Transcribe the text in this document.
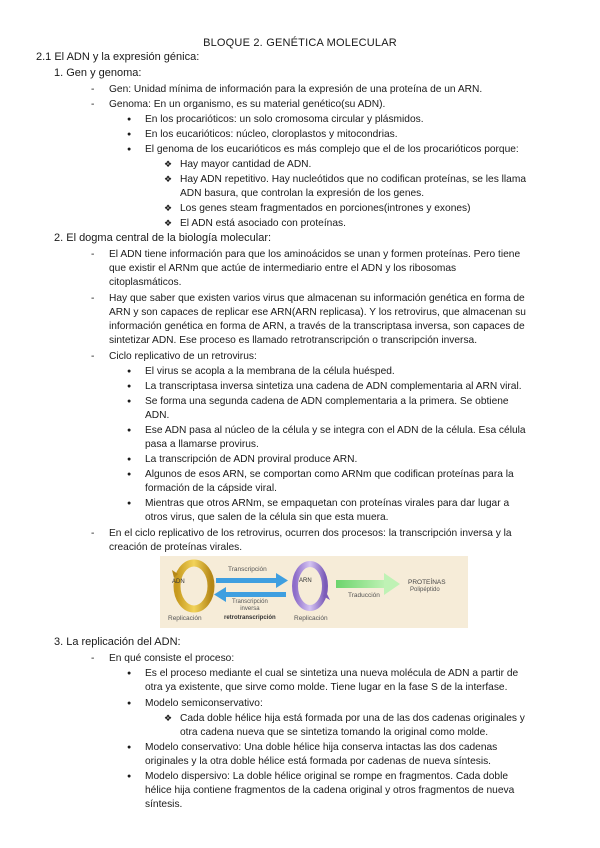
BLOQUE 2. GENÉTICA MOLECULAR
2.1 El ADN y la expresión génica:
1. Gen y genoma:
- Gen: Unidad mínima de información para la expresión de una proteína de un ARN.
- Genoma: En un organismo, es su material genético(su ADN).
● En los procarióticos: un solo cromosoma circular y plásmidos.
● En los eucarióticos: núcleo, cloroplastos y mitocondrias.
● El genoma de los eucarióticos es más complejo que el de los procarióticos porque:
❖ Hay mayor cantidad de ADN.
❖ Hay ADN repetitivo. Hay nucleótidos que no codifican proteínas, se les llama
ADN basura, que controlan la expresión de los genes.
❖ Los genes steam fragmentados en porciones(intrones y exones)
❖ El ADN está asociado con proteínas.
2. El dogma central de la biología molecular:
- El ADN tiene información para que los aminoácidos se unan y formen proteínas. Pero tiene
que existir el ARNm que actúe de intermediario entre el ADN y los ribosomas
citoplasmáticos.
- Hay que saber que existen varios virus que almacenan su información genética en forma de
ARN y son capaces de replicar ese ARN(ARN replicasa). Y los retrovirus, que almacenan su
información genética en forma de ARN, a través de la transcriptasa inversa, son capaces de
sintetizar ADN. Ese proceso es llamado retrotranscripción o transcripción inversa.
- Ciclo replicativo de un retrovirus:
● El virus se acopla a la membrana de la célula huésped.
● La transcriptasa inversa sintetiza una cadena de ADN complementaria al ARN viral.
● Se forma una segunda cadena de ADN complementaria a la primera. Se obtiene
ADN.
● Ese ADN pasa al núcleo de la célula y se integra con el ADN de la célula. Esa célula
pasa a llamarse provirus.
● La transcripción de ADN proviral produce ARN.
● Algunos de esos ARN, se comportan como ARNm que codifican proteínas para la
formación de la cápside viral.
● Mientras que otros ARNm, se empaquetan con proteínas virales para dar lugar a
otros virus, que salen de la célula sin que esta muera.
- En el ciclo replicativo de los retrovirus, ocurren dos procesos: la transcripción inversa y la
creación de proteínas virales.
ADN
Replicación
Transcripción
Transcripción
inversa
retrotranscripción
ARN
Replicación
Traducción
PROTEÍNAS
Polipéptido
3. La replicación del ADN:
- En qué consiste el proceso:
● Es el proceso mediante el cual se sintetiza una nueva molécula de ADN a partir de
otra ya existente, que sirve como molde. Tiene lugar en la fase S de la interfase.
● Modelo semiconservativo:
❖ Cada doble hélice hija está formada por una de las dos cadenas originales y
otra cadena nueva que se sintetiza tomando la original como molde.
● Modelo conservativo: Una doble hélice hija conserva intactas las dos cadenas
originales y la otra doble hélice está formada por cadenas de nueva síntesis.
● Modelo dispersivo: La doble hélice original se rompe en fragmentos. Cada doble
hélice hija contiene fragmentos de la cadena original y otros fragmentos de nueva
síntesis.
